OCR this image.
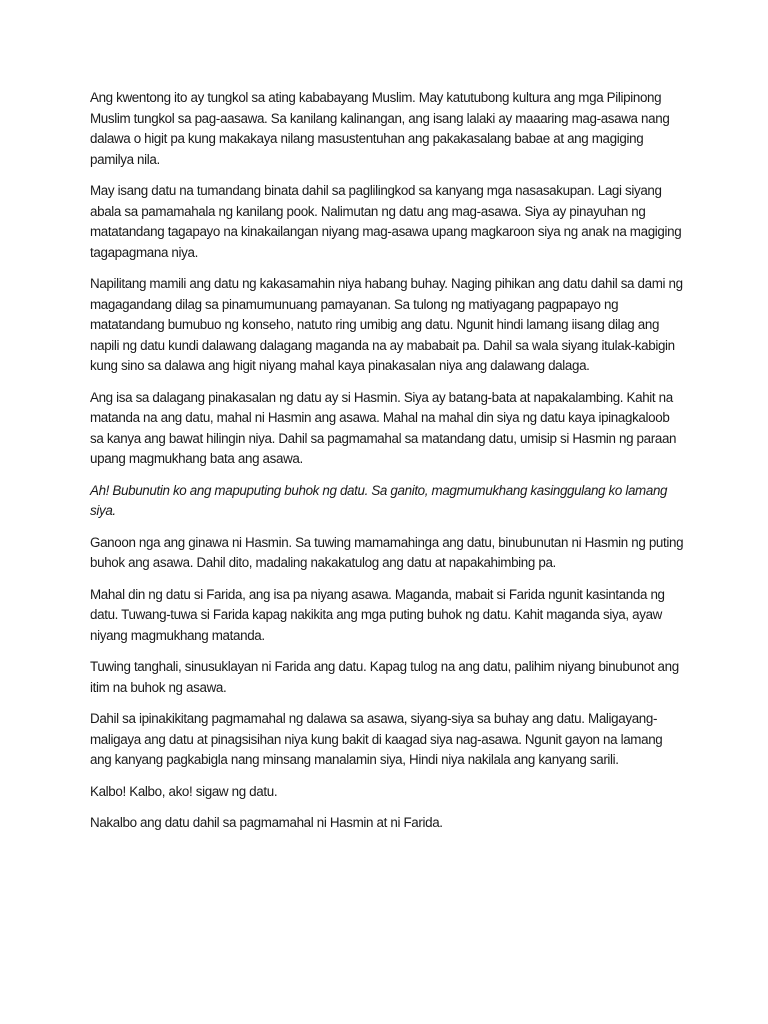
Ang kwentong ito ay tungkol sa ating kababayang Muslim. May katutubong kultura ang mga Pilipinong Muslim tungkol sa pag-aasawa. Sa kanilang kalinangan, ang isang lalaki ay maaaring mag-asawa nang dalawa o higit pa kung makakaya nilang masustentuhan ang pakakasalang babae at ang magiging pamilya nila.

May isang datu na tumandang binata dahil sa paglilingkod sa kanyang mga nasasakupan. Lagi siyang abala sa pamamahala ng kanilang pook. Nalimutan ng datu ang mag-asawa. Siya ay pinayuhan ng matatandang tagapayo na kinakailangan niyang mag-asawa upang magkaroon siya ng anak na magiging tagapagmana niya.

Napilitang mamili ang datu ng kakasamahin niya habang buhay. Naging pihikan ang datu dahil sa dami ng magagandang dilag sa pinamumunuang pamayanan. Sa tulong ng matiyagang pagpapayo ng matatandang bumubuo ng konseho, natuto ring umibig ang datu. Ngunit hindi lamang iisang dilag ang napili ng datu kundi dalawang dalagang maganda na ay mababait pa. Dahil sa wala siyang itulak-kabigin kung sino sa dalawa ang higit niyang mahal kaya pinakasalan niya ang dalawang dalaga.

Ang isa sa dalagang pinakasalan ng datu ay si Hasmin. Siya ay batang-bata at napakalambing. Kahit na matanda na ang datu, mahal ni Hasmin ang asawa. Mahal na mahal din siya ng datu kaya ipinagkaloob sa kanya ang bawat hilingin niya. Dahil sa pagmamahal sa matandang datu, umisip si Hasmin ng paraan upang magmukhang bata ang asawa.

Ah! Bubunutin ko ang mapuputing buhok ng datu. Sa ganito, magmumukhang kasinggulang ko lamang siya.

Ganoon nga ang ginawa ni Hasmin. Sa tuwing mamamahinga ang datu, binubunutan ni Hasmin ng puting buhok ang asawa. Dahil dito, madaling nakakatulog ang datu at napakahimbing pa.

Mahal din ng datu si Farida, ang isa pa niyang asawa. Maganda, mabait si Farida ngunit kasintanda ng datu. Tuwang-tuwa si Farida kapag nakikita ang mga puting buhok ng datu. Kahit maganda siya, ayaw niyang magmukhang matanda.

Tuwing tanghali, sinusuklayan ni Farida ang datu. Kapag tulog na ang datu, palihim niyang binubunot ang itim na buhok ng asawa.

Dahil sa ipinakikitang pagmamahal ng dalawa sa asawa, siyang-siya sa buhay ang datu. Maligayang-maligaya ang datu at pinagsisihan niya kung bakit di kaagad siya nag-asawa. Ngunit gayon na lamang ang kanyang pagkabigla nang minsang manalamin siya, Hindi niya nakilala ang kanyang sarili.

Kalbo! Kalbo, ako! sigaw ng datu.

Nakalbo ang datu dahil sa pagmamahal ni Hasmin at ni Farida.
